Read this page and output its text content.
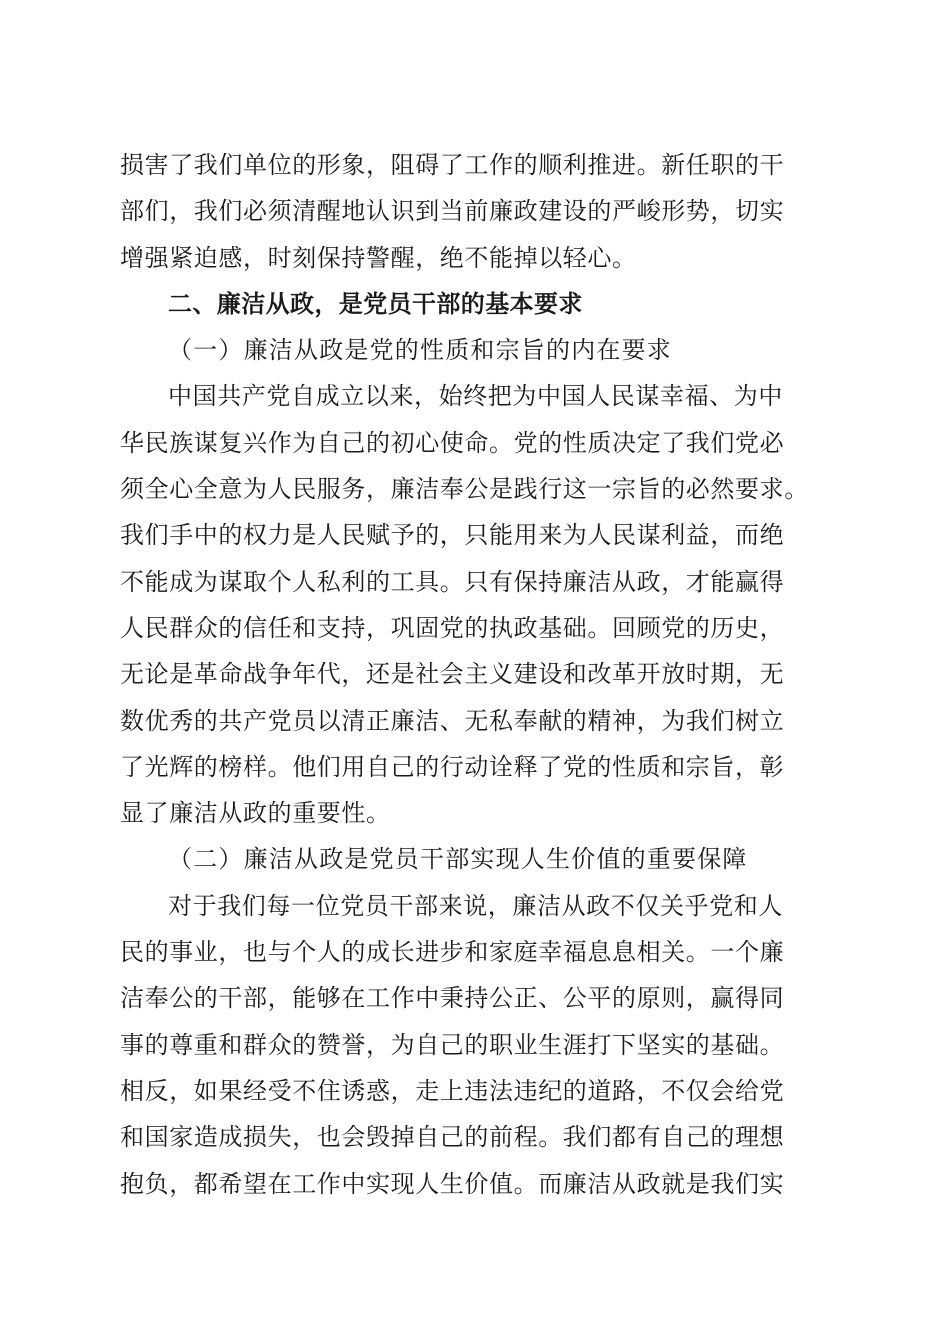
损害了我们单位的形象，阻碍了工作的顺利推进。新任职的干
部们，我们必须清醒地认识到当前廉政建设的严峻形势，切实
增强紧迫感，时刻保持警醒，绝不能掉以轻心。
二、廉洁从政，是党员干部的基本要求
（一）廉洁从政是党的性质和宗旨的内在要求
中国共产党自成立以来，始终把为中国人民谋幸福、为中
华民族谋复兴作为自己的初心使命。党的性质决定了我们党必
须全心全意为人民服务，廉洁奉公是践行这一宗旨的必然要求。
我们手中的权力是人民赋予的，只能用来为人民谋利益，而绝
不能成为谋取个人私利的工具。只有保持廉洁从政，才能赢得
人民群众的信任和支持，巩固党的执政基础。回顾党的历史，
无论是革命战争年代，还是社会主义建设和改革开放时期，无
数优秀的共产党员以清正廉洁、无私奉献的精神，为我们树立
了光辉的榜样。他们用自己的行动诠释了党的性质和宗旨，彰
显了廉洁从政的重要性。
（二）廉洁从政是党员干部实现人生价值的重要保障
对于我们每一位党员干部来说，廉洁从政不仅关乎党和人
民的事业，也与个人的成长进步和家庭幸福息息相关。一个廉
洁奉公的干部，能够在工作中秉持公正、公平的原则，赢得同
事的尊重和群众的赞誉，为自己的职业生涯打下坚实的基础。
相反，如果经受不住诱惑，走上违法违纪的道路，不仅会给党
和国家造成损失，也会毁掉自己的前程。我们都有自己的理想
抱负，都希望在工作中实现人生价值。而廉洁从政就是我们实
